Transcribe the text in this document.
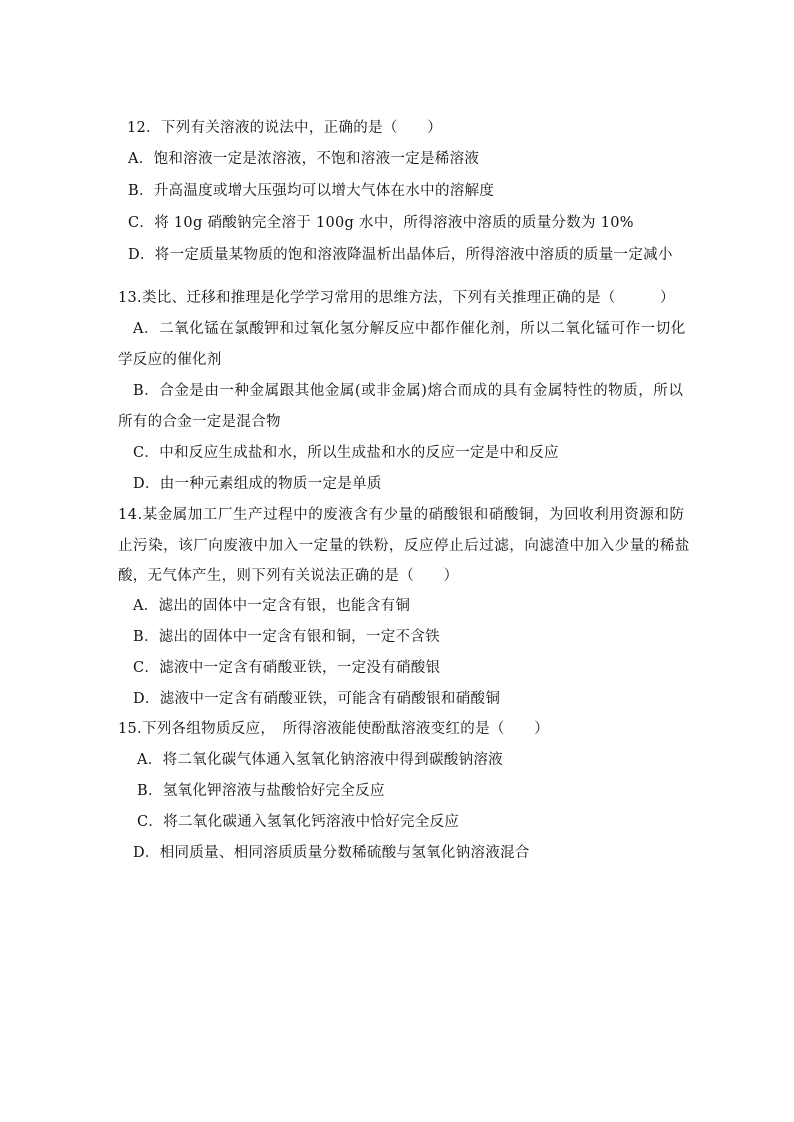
12．下列有关溶液的说法中，正确的是（　　）
A．饱和溶液一定是浓溶液，不饱和溶液一定是稀溶液
B．升高温度或增大压强均可以增大气体在水中的溶解度
C．将 10g 硝酸钠完全溶于 100g 水中，所得溶液中溶质的质量分数为 10%
D．将一定质量某物质的饱和溶液降温析出晶体后，所得溶液中溶质的质量一定减小
13.类比、迁移和推理是化学学习常用的思维方法，下列有关推理正确的是（　　　）
A．二氧化锰在氯酸钾和过氧化氢分解反应中都作催化剂，所以二氧化锰可作一切化
学反应的催化剂
B．合金是由一种金属跟其他金属(或非金属)熔合而成的具有金属特性的物质，所以
所有的合金一定是混合物
C．中和反应生成盐和水，所以生成盐和水的反应一定是中和反应
D．由一种元素组成的物质一定是单质
14.某金属加工厂生产过程中的废液含有少量的硝酸银和硝酸铜，为回收利用资源和防
止污染，该厂向废液中加入一定量的铁粉，反应停止后过滤，向滤渣中加入少量的稀盐
酸，无气体产生，则下列有关说法正确的是（　　）
A．滤出的固体中一定含有银，也能含有铜
B．滤出的固体中一定含有银和铜，一定不含铁
C．滤液中一定含有硝酸亚铁，一定没有硝酸银
D．滤液中一定含有硝酸亚铁，可能含有硝酸银和硝酸铜
15.下列各组物质反应，　所得溶液能使酚酞溶液变红的是（　　）
A．将二氧化碳气体通入氢氧化钠溶液中得到碳酸钠溶液
B．氢氧化钾溶液与盐酸恰好完全反应
C．将二氧化碳通入氢氧化钙溶液中恰好完全反应
D．相同质量、相同溶质质量分数稀硫酸与氢氧化钠溶液混合
